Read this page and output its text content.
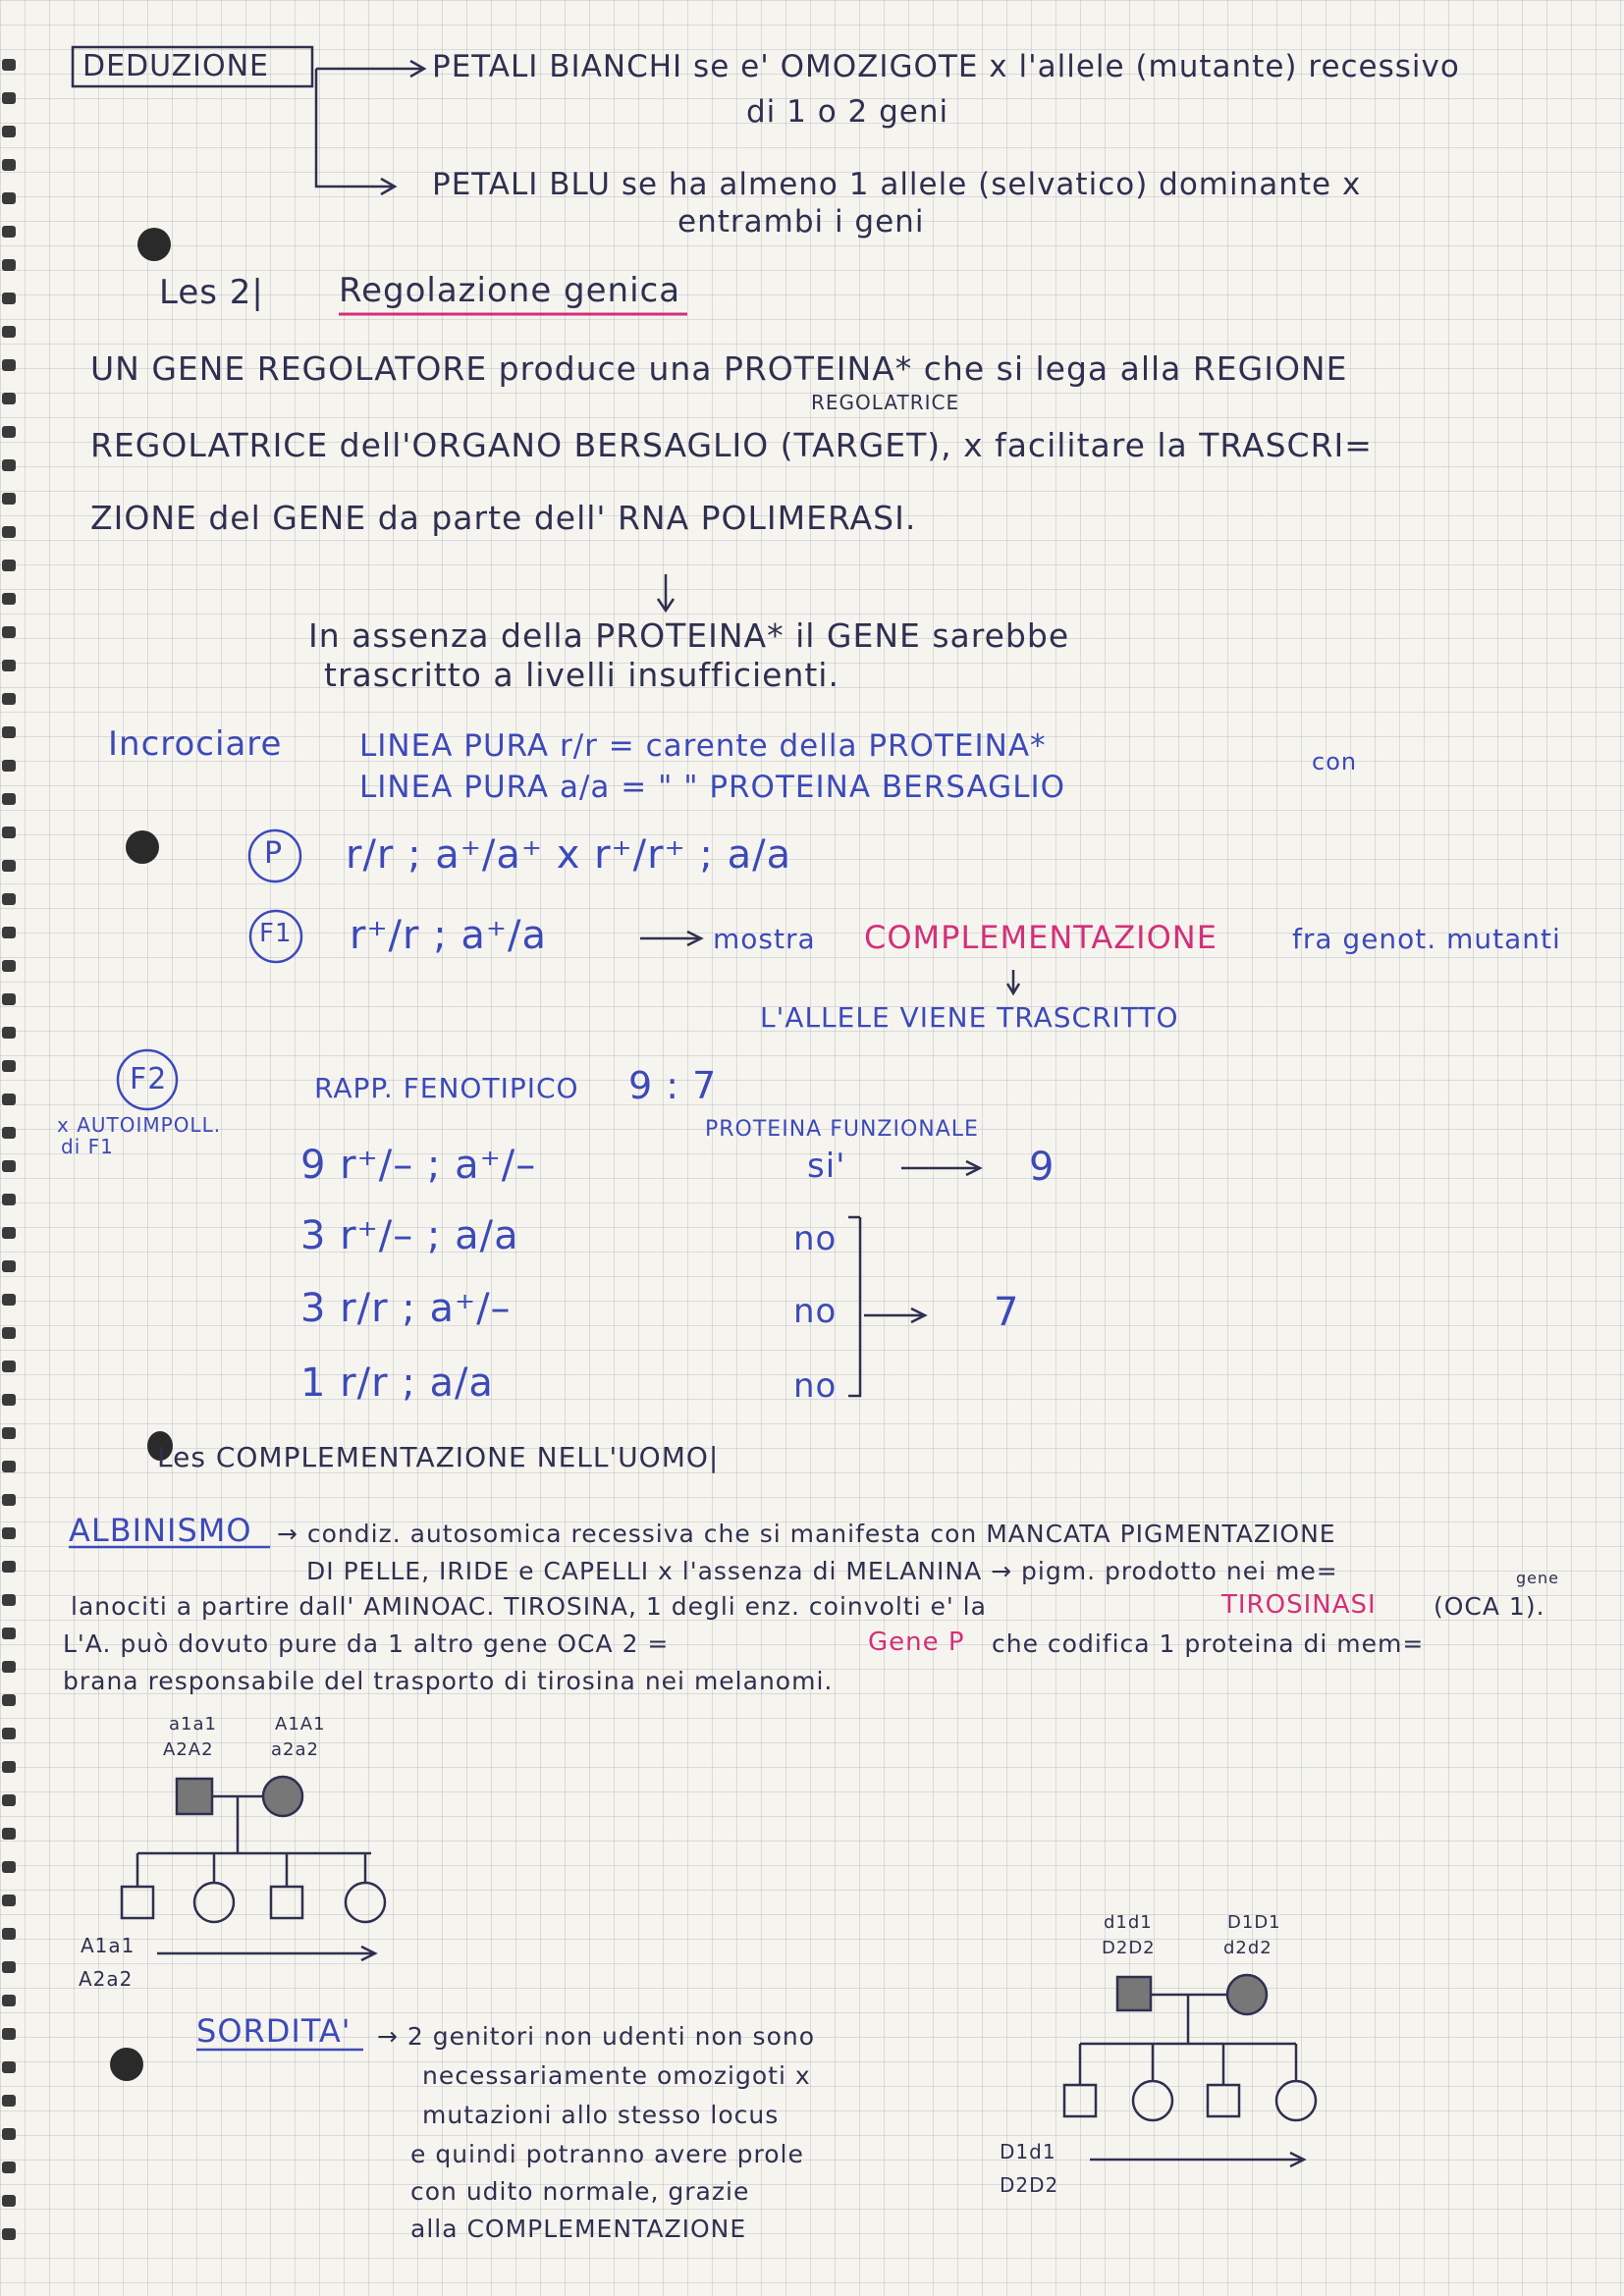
DEDUZIONE	PETALI BIANCHI se e' OMOZIGOTE x l'allele (mutante) recessivo
di 1 o 2 geni
PETALI BLU se ha almeno 1 allele (selvatico) dominante x
entrambi i geni
Les 2| Regolazione genica
UN GENE REGOLATORE produce una PROTEINA* che si lega alla REGIONE
REGOLATRICE
REGOLATRICE dell'ORGANO BERSAGLIO (TARGET), x facilitare la TRASCRI=
ZIONE del GENE da parte dell' RNA POLIMERASI.
In assenza della PROTEINA* il GENE sarebbe
trascritto a livelli insufficienti.
Incrociare	LINEA PURA r/r = carente della PROTEINA*	con
LINEA PURA a/a = " " PROTEINA BERSAGLIO
P r/r ; a⁺/a⁺ x r⁺/r⁺ ; a/a
F1 r⁺/r ; a⁺/a	mostra COMPLEMENTAZIONE	fra genot. mutanti
L'ALLELE VIENE TRASCRITTO
F2
x AUTOIMPOLL.
di F1
RAPP. FENOTIPICO 9 : 7
PROTEINA FUNZIONALE
9 r⁺/– ; a⁺/–	si'	9
3 r⁺/– ; a/a	no
3 r/r ; a⁺/–	no	7
1 r/r ; a/a	no
Les COMPLEMENTAZIONE NELL'UOMO|
ALBINISMO → condiz. autosomica recessiva che si manifesta con MANCATA PIGMENTAZIONE
DI PELLE, IRIDE e CAPELLI x l'assenza di MELANINA → pigm. prodotto nei me=
lanociti a partire dall' AMINOAC. TIROSINA, 1 degli enz. coinvolti e' la	TIROSINASI (OCA 1).
gene
L'A. può dovuto pure da 1 altro gene OCA 2 =	Gene P che codifica 1 proteina di mem=
brana responsabile del trasporto di tirosina nei melanomi.
a1a1
A2A2
A1A1
a2a2
A1a1
A2a2
SORDITA' → 2 genitori non udenti non sono
necessariamente omozigoti x
mutazioni allo stesso locus
e quindi potranno avere prole
con udito normale, grazie
alla COMPLEMENTAZIONE
d1d1
D2D2
D1D1
d2d2
D1d1
D2D2
